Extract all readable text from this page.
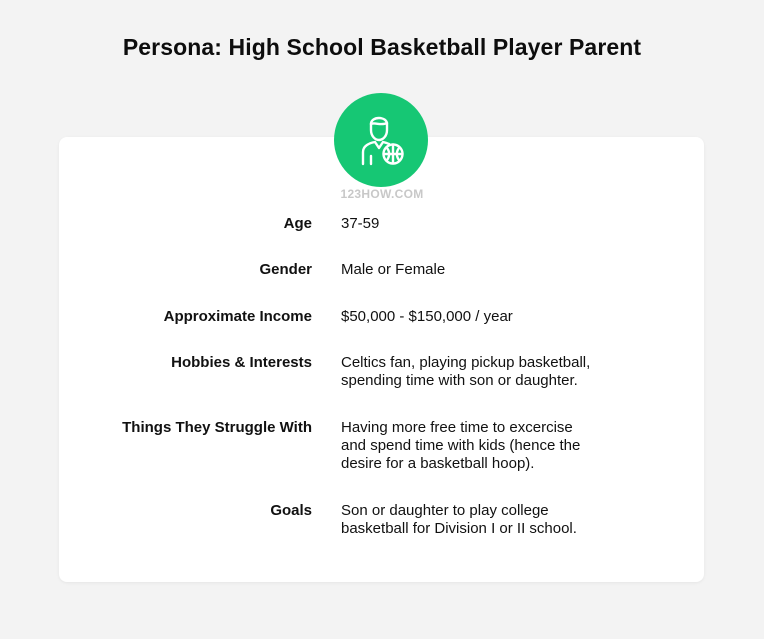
Persona: High School Basketball Player Parent
123HOW.COM
Age 37-59
Gender Male or Female
Approximate Income $50,000 - $150,000 / year
Hobbies & Interests Celtics fan, playing pickup basketball,
spending time with son or daughter.
Things They Struggle With Having more free time to excercise
and spend time with kids (hence the
desire for a basketball hoop).
Goals Son or daughter to play college
basketball for Division I or II school.
